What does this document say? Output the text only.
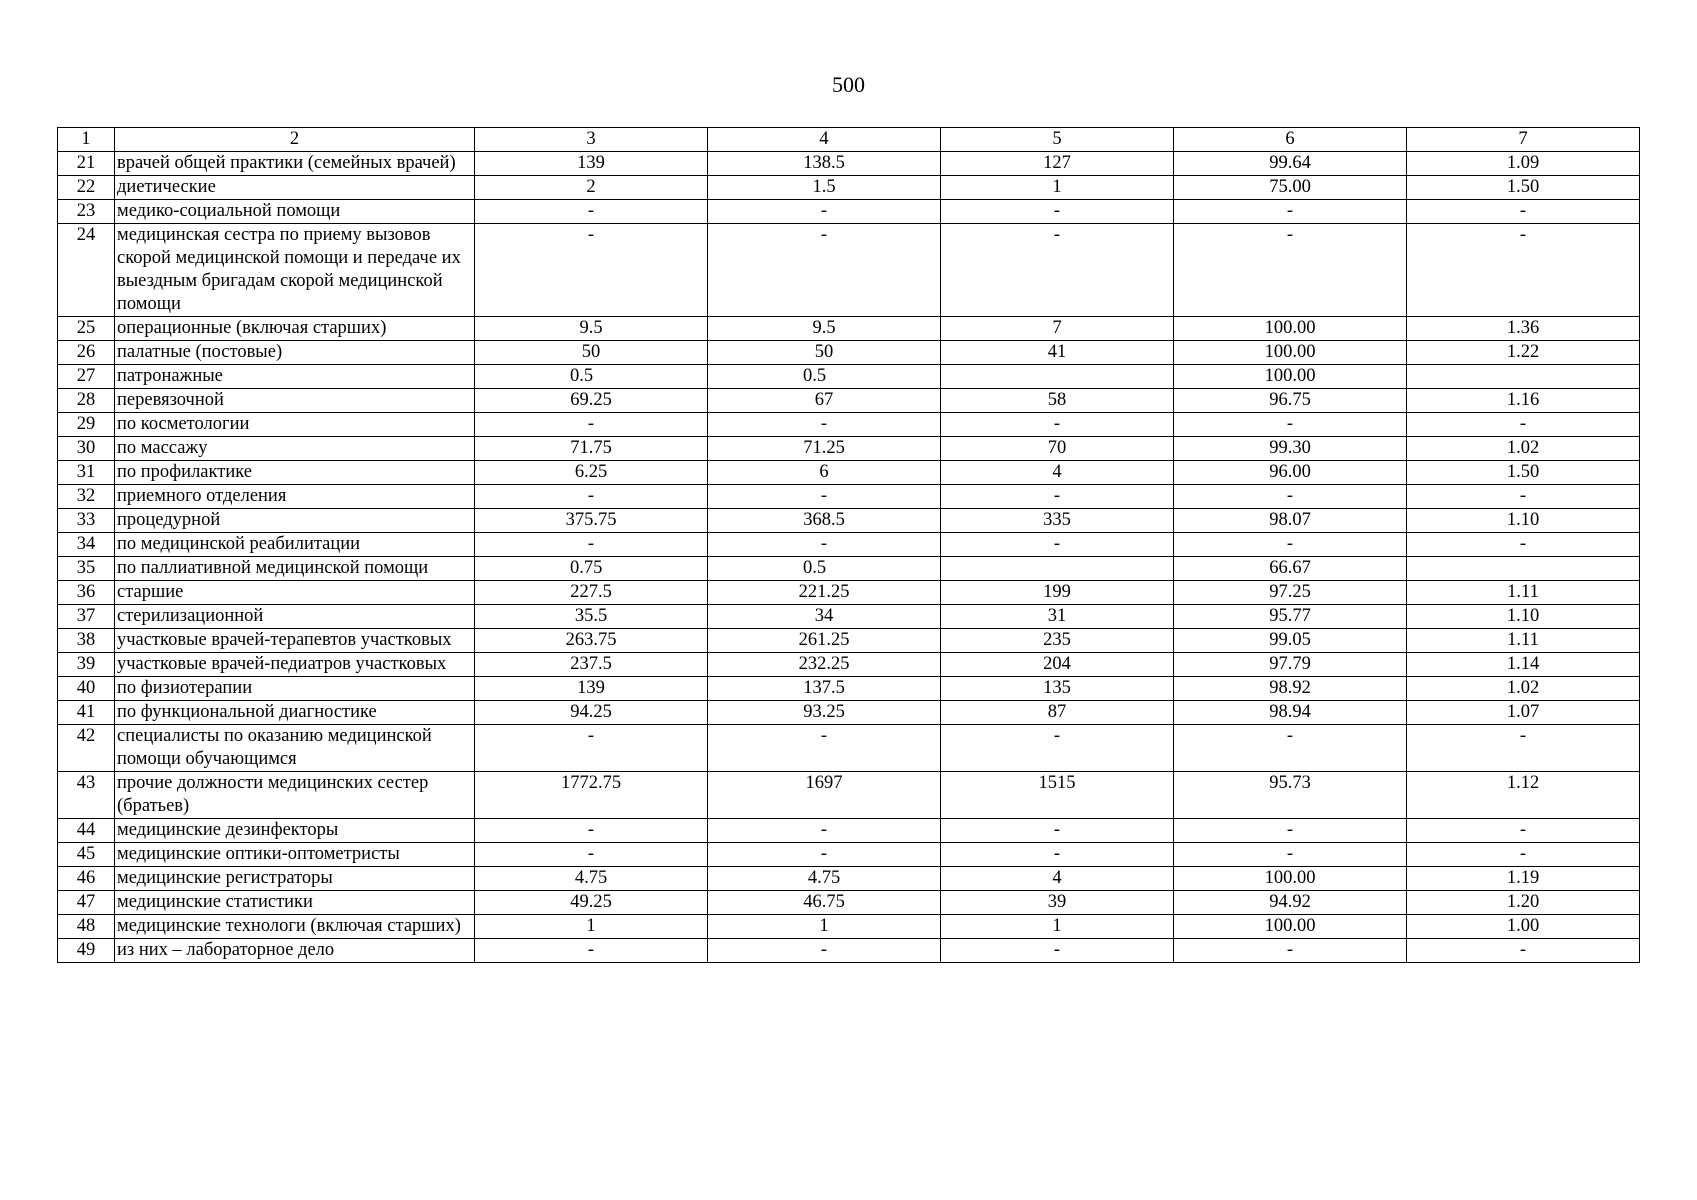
500
1	2	3	4	5	6	7
21	врачей общей практики (семейных врачей)	139	138.5	127	99.64	1.09
22	диетические	2	1.5	1	75.00	1.50
23	медико-социальной помощи	-	-	-	-	-
24	медицинская сестра по приему вызовов скорой медицинской помощи и передаче их выездным бригадам скорой медицинской помощи	-	-	-	-	-
25	операционные (включая старших)	9.5	9.5	7	100.00	1.36
26	палатные (постовые)	50	50	41	100.00	1.22
27	патронажные	0.5	0.5		100.00	
28	перевязочной	69.25	67	58	96.75	1.16
29	по косметологии	-	-	-	-	-
30	по массажу	71.75	71.25	70	99.30	1.02
31	по профилактике	6.25	6	4	96.00	1.50
32	приемного отделения	-	-	-	-	-
33	процедурной	375.75	368.5	335	98.07	1.10
34	по медицинской реабилитации	-	-	-	-	-
35	по паллиативной медицинской помощи	0.75	0.5		66.67	
36	старшие	227.5	221.25	199	97.25	1.11
37	стерилизационной	35.5	34	31	95.77	1.10
38	участковые врачей-терапевтов участковых	263.75	261.25	235	99.05	1.11
39	участковые врачей-педиатров участковых	237.5	232.25	204	97.79	1.14
40	по физиотерапии	139	137.5	135	98.92	1.02
41	по функциональной диагностике	94.25	93.25	87	98.94	1.07
42	специалисты по оказанию медицинской помощи обучающимся	-	-	-	-	-
43	прочие должности медицинских сестер (братьев)	1772.75	1697	1515	95.73	1.12
44	медицинские дезинфекторы	-	-	-	-	-
45	медицинские оптики-оптометристы	-	-	-	-	-
46	медицинские регистраторы	4.75	4.75	4	100.00	1.19
47	медицинские статистики	49.25	46.75	39	94.92	1.20
48	медицинские технологи (включая старших)	1	1	1	100.00	1.00
49	из них – лабораторное дело	-	-	-	-	-
